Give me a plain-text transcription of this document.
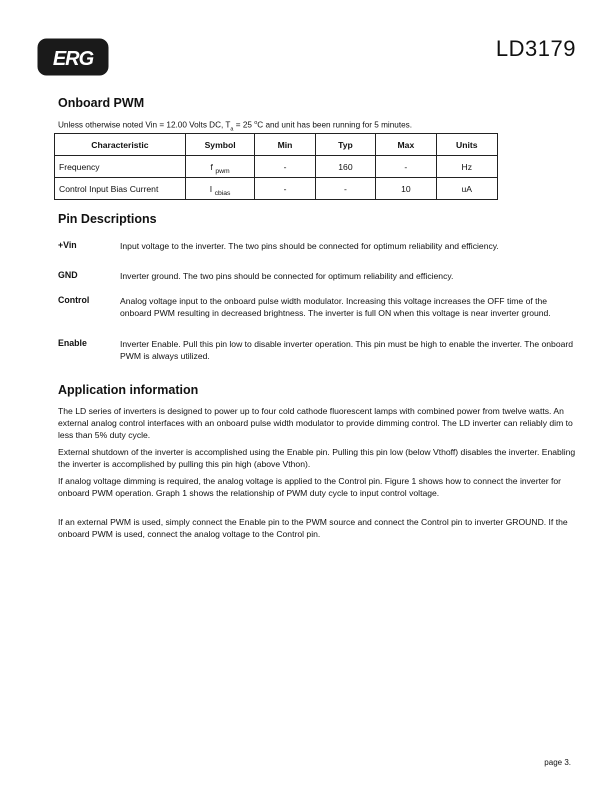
ERG	LD3179
Onboard PWM
Unless otherwise noted Vin = 12.00 Volts DC, $T_a = 25$ $^o$C and unit has been running for 5 minutes.
Characteristic	Symbol	Min	Typ	Max	Units
Frequency	f $_{pwm}$	-	160	-	Hz
Control Input Bias Current	I $_{cbias}$	-	-	10	uA
Pin Descriptions
+Vin	Input voltage to the inverter. The two pins should be connected for optimum reliability and efficiency.
GND	Inverter ground. The two pins should be connected for optimum reliability and efficiency.
Control	Analog voltage input to the onboard pulse width modulator. Increasing this voltage increases the OFF time of the onboard PWM resulting in decreased brightness. The inverter is full ON when this voltage is near inverter ground.
Enable	Inverter Enable. Pull this pin low to disable inverter operation. This pin must be high to enable the inverter. The onboard PWM is always utilized.
Application information

The LD series of inverters is designed to power up to four cold cathode fluorescent lamps with combined power from twelve watts. An external analog control interfaces with an onboard pulse width modulator to provide dimming control. The LD inverter can reliably dim to less than 5% duty cycle.

External shutdown of the inverter is accomplished using the Enable pin. Pulling this pin low (below Vthoff) disables the inverter. Enabling the inverter is accomplished by pulling this pin high (above Vthon).

If analog voltage dimming is required, the analog voltage is applied to the Control pin. Figure 1 shows how to connect the inverter for onboard PWM operation. Graph 1 shows the relationship of PWM duty cycle to input control voltage.

If an external PWM is used, simply connect the Enable pin to the PWM source and connect the Control pin to inverter GROUND. If the onboard PWM is used, connect the analog voltage to the Control pin.

page 3.
